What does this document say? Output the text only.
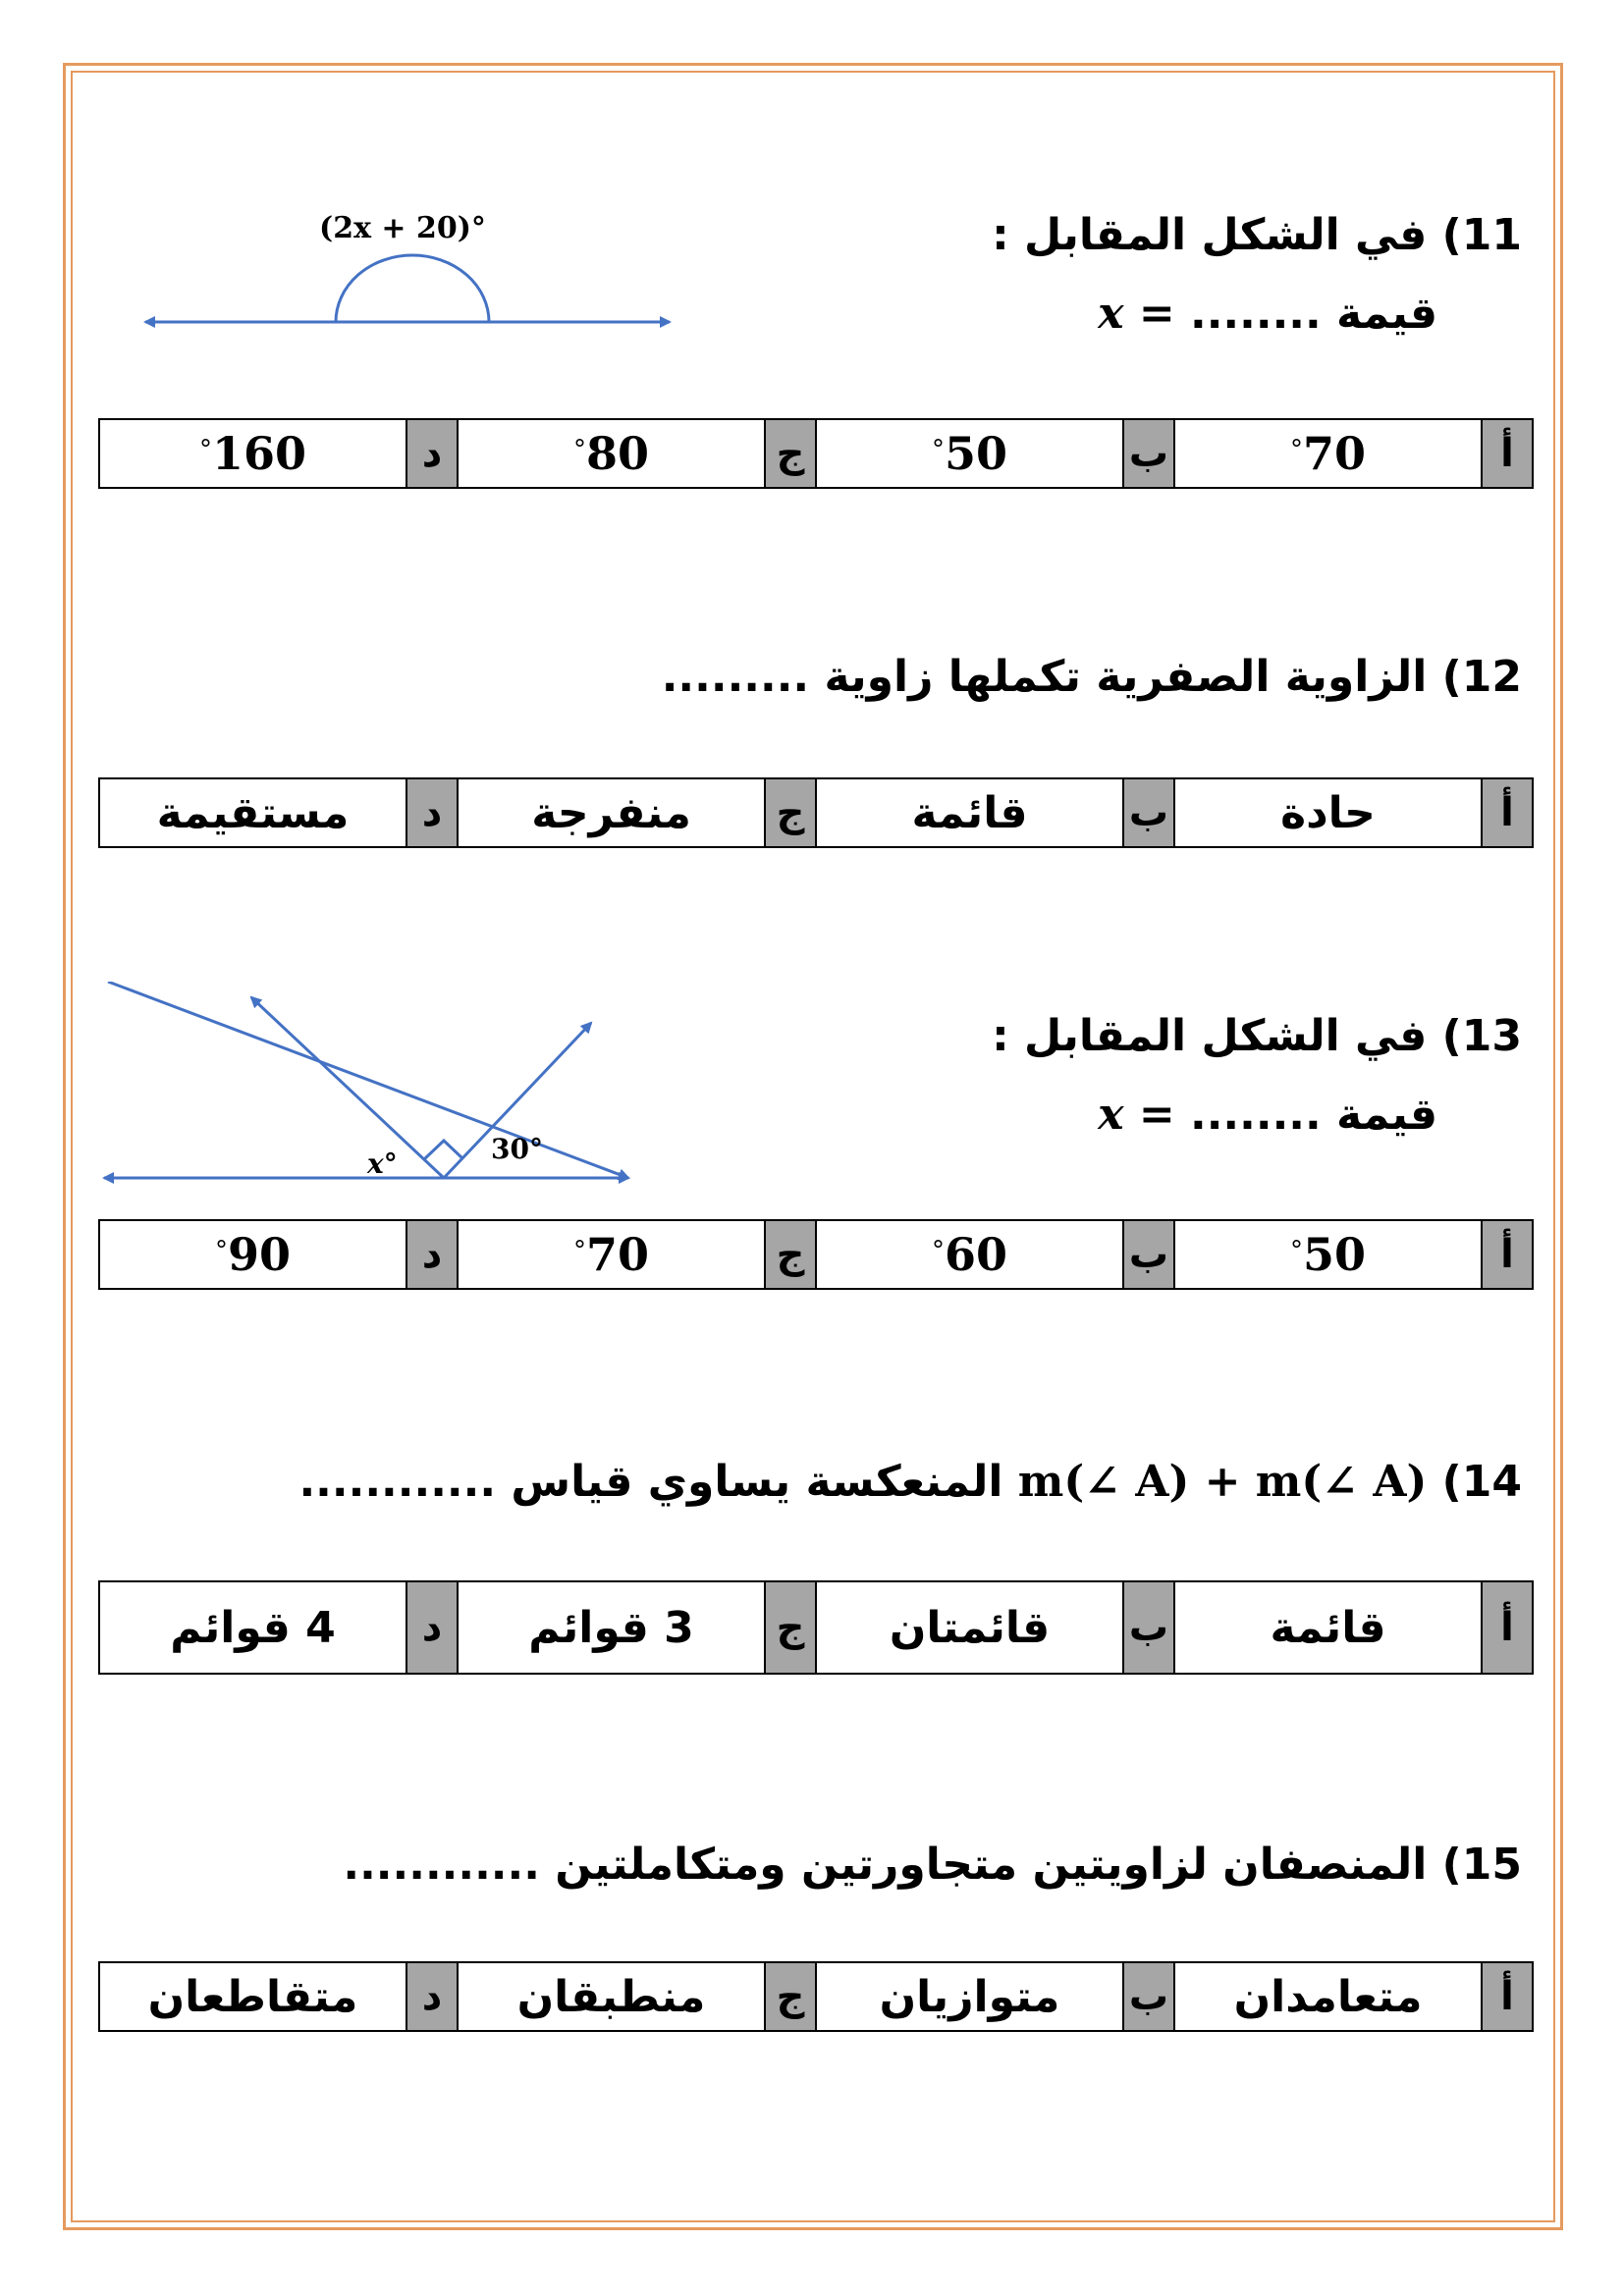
11) في الشكل المقابل :
قيمة x = ........
(2x + 20)°
أ
70
°
ب
50
°
ج
80
°
د
160
°
12) الزاوية الصفرية تكملها زاوية .........
أ
حادة
ب
قائمة
ج
منفرجة
د
مستقيمة
13) في الشكل المقابل :
قيمة x = ........
x°	30°
أ
50
°
ب
60
°
ج
70
°
د
90
°
14) m(∠ A) + m(∠ A) المنعكسة يساوي قياس ............
أ
قائمة
ب
قائمتان
ج
3 قوائم
د
4 قوائم
15) المنصفان لزاويتين متجاورتين ومتكاملتين ............
أ
متعامدان
ب
متوازيان
ج
منطبقان
د
متقاطعان
